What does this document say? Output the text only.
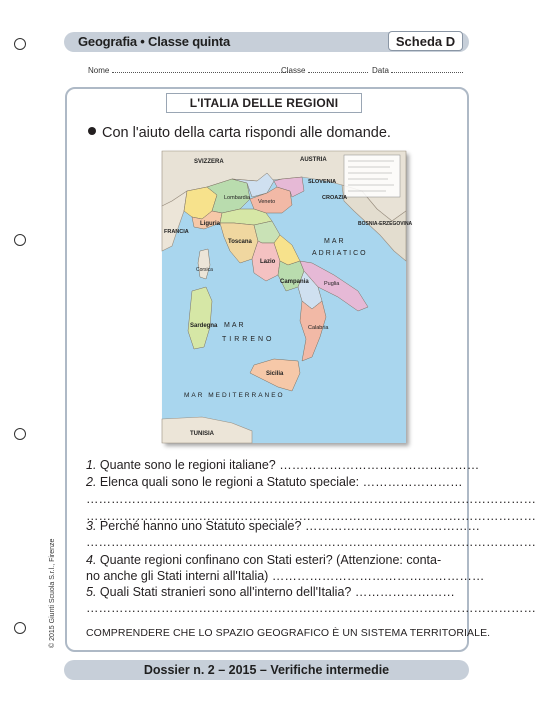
Geografia • Classe quinta	Scheda D
Nome	Classe	Data
L'ITALIA DELLE REGIONI
Con l'aiuto della carta rispondi alle domande.
SVIZZERA	AUSTRIA
SLOVENIA
CROAZIA
BOSNIA-ERZEGOVINA
FRANCIA
Liguria
Lombardia
Veneto
Toscana
Lazio
Campania	Puglia
Calabria
Sardegna
Sicilia
Corsica
MAR
ADRIATICO
MAR
TIRRENO
MAR MEDITERRANEO
TUNISIA
1. Quante sono le regioni italiane? …………………………………………
2. Elenca quali sono le regioni a Statuto speciale: ……………………
………………………………………………………………………………………………
………………………………………………………………………………………………
3. Perché hanno uno Statuto speciale? ……………………………………
………………………………………………………………………………………………
4. Quante regioni confinano con Stati esteri? (Attenzione: conta-
no anche gli Stati interni all'Italia) ……………………………………………
5. Quali Stati stranieri sono all'interno dell'Italia? ……………………
………………………………………………………………………………………………
COMPRENDERE CHE LO SPAZIO GEOGRAFICO È UN SISTEMA TERRITORIALE.
© 2015 Giunti Scuola S.r.l., Firenze
Dossier n. 2 – 2015 – Verifiche intermedie
